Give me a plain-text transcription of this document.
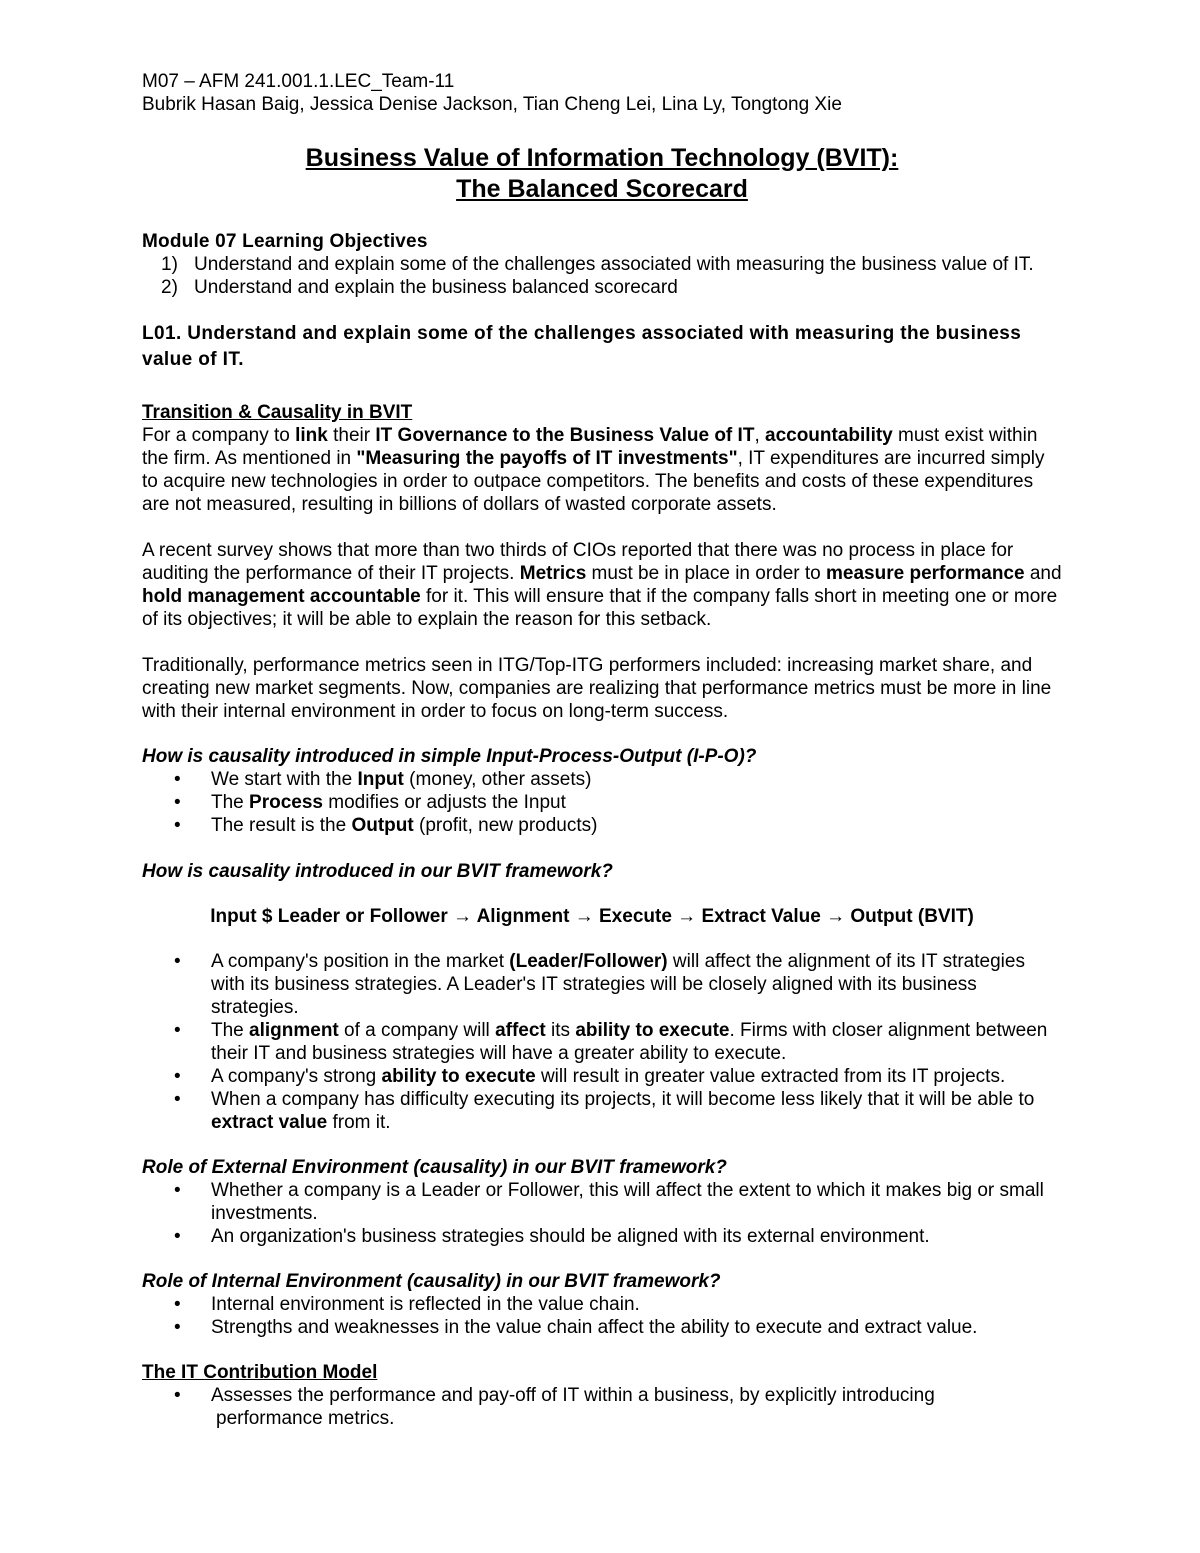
M07 – AFM 241.001.1.LEC_Team-11

Bubrik Hasan Baig, Jessica Denise Jackson, Tian Cheng Lei, Lina Ly, Tongtong Xie

Business Value of Information Technology (BVIT):
The Balanced Scorecard

Module 07 Learning Objectives

1) Understand and explain some of the challenges associated with measuring the business value of IT.
2) Understand and explain the business balanced scorecard

L01. Understand and explain some of the challenges associated with measuring the business value of IT.

Transition & Causality in BVIT

For a company to link their IT Governance to the Business Value of IT, accountability must exist within the firm. As mentioned in "Measuring the payoffs of IT investments", IT expenditures are incurred simply to acquire new technologies in order to outpace competitors. The benefits and costs of these expenditures are not measured, resulting in billions of dollars of wasted corporate assets.

A recent survey shows that more than two thirds of CIOs reported that there was no process in place for auditing the performance of their IT projects. Metrics must be in place in order to measure performance and hold management accountable for it. This will ensure that if the company falls short in meeting one or more of its objectives; it will be able to explain the reason for this setback.

Traditionally, performance metrics seen in ITG/Top-ITG performers included: increasing market share, and creating new market segments. Now, companies are realizing that performance metrics must be more in line with their internal environment in order to focus on long-term success.

How is causality introduced in simple Input-Process-Output (I-P-O)?

• We start with the Input (money, other assets)
• The Process modifies or adjusts the Input
• The result is the Output (profit, new products)

How is causality introduced in our BVIT framework?

Input $ Leader or Follower → Alignment → Execute → Extract Value → Output (BVIT)

• A company's position in the market (Leader/Follower) will affect the alignment of its IT strategies with its business strategies. A Leader's IT strategies will be closely aligned with its business strategies.
• The alignment of a company will affect its ability to execute. Firms with closer alignment between their IT and business strategies will have a greater ability to execute.
• A company's strong ability to execute will result in greater value extracted from its IT projects.
• When a company has difficulty executing its projects, it will become less likely that it will be able to extract value from it.

Role of External Environment (causality) in our BVIT framework?

• Whether a company is a Leader or Follower, this will affect the extent to which it makes big or small investments.
• An organization's business strategies should be aligned with its external environment.

Role of Internal Environment (causality) in our BVIT framework?

• Internal environment is reflected in the value chain.
• Strengths and weaknesses in the value chain affect the ability to execute and extract value.

The IT Contribution Model

• Assesses the performance and pay-off of IT within a business, by explicitly introducing
performance metrics.
